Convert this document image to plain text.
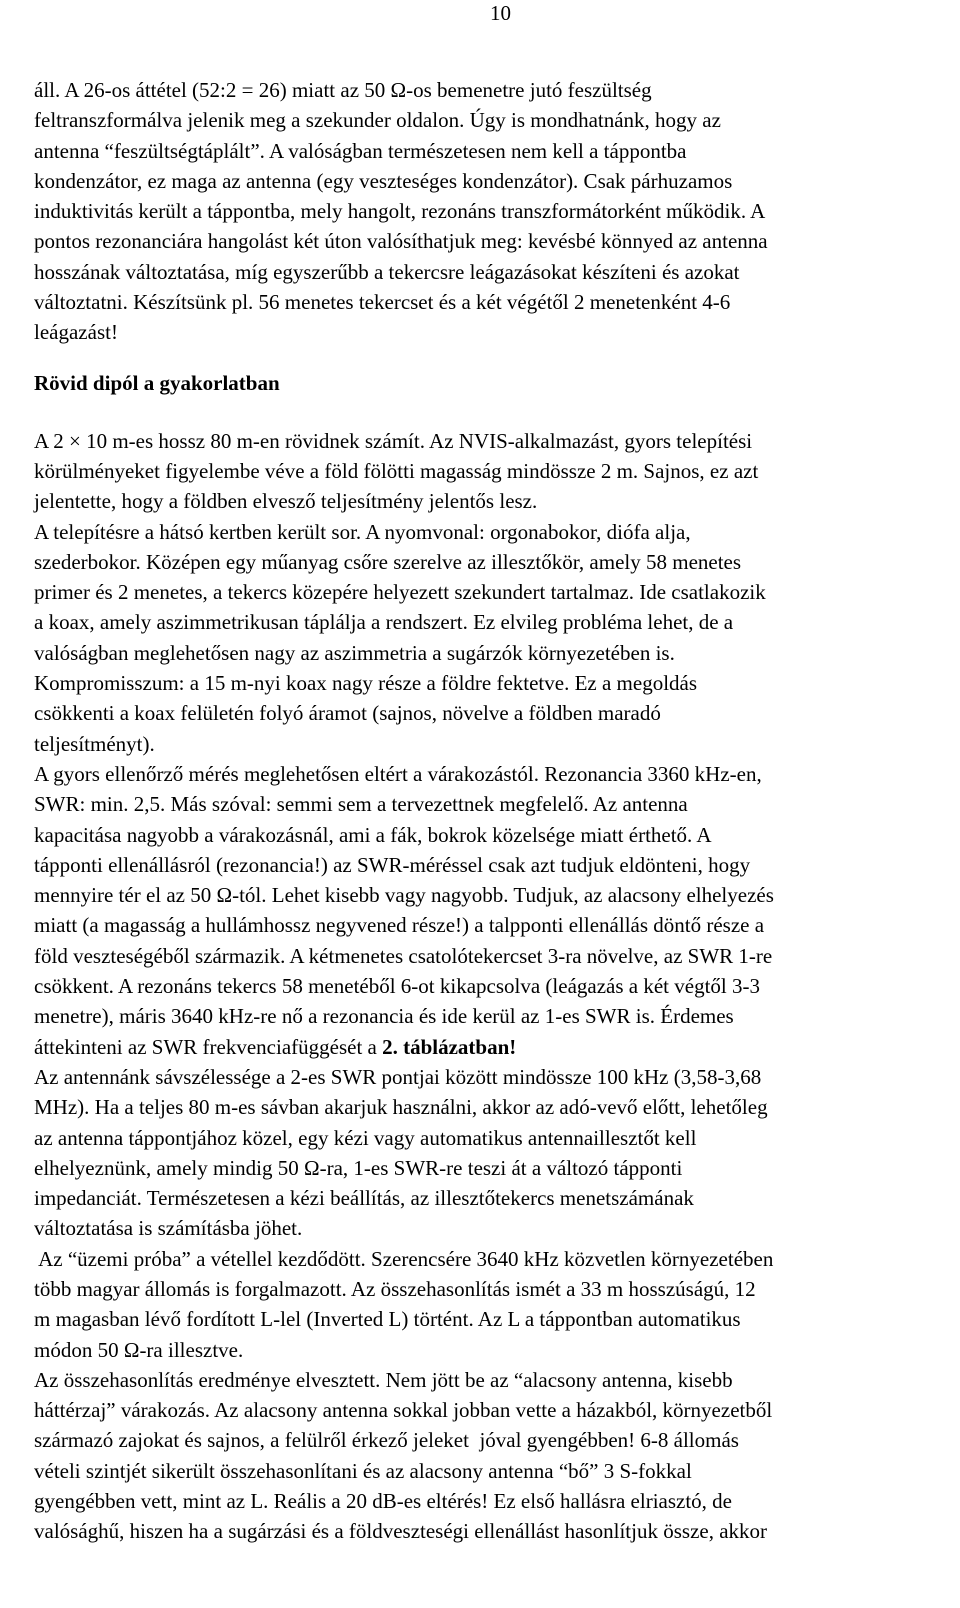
10

áll. A 26-os áttétel (52:2 = 26) miatt az 50 Ω-os bemenetre jutó feszültség
feltranszformálva jelenik meg a szekunder oldalon. Úgy is mondhatnánk, hogy az
antenna “feszültségtáplált”. A valóságban természetesen nem kell a táppontba
kondenzátor, ez maga az antenna (egy veszteséges kondenzátor). Csak párhuzamos
induktivitás került a táppontba, mely hangolt, rezonáns transzformátorként működik. A
pontos rezonanciára hangolást két úton valósíthatjuk meg: kevésbé könnyed az antenna
hosszának változtatása, míg egyszerűbb a tekercsre leágazásokat készíteni és azokat
változtatni. Készítsünk pl. 56 menetes tekercset és a két végétől 2 menetenként 4-6
leágazást!

Rövid dipól a gyakorlatban

A 2 × 10 m-es hossz 80 m-en rövidnek számít. Az NVIS-alkalmazást, gyors telepítési
körülményeket figyelembe véve a föld fölötti magasság mindössze 2 m. Sajnos, ez azt
jelentette, hogy a földben elvesző teljesítmény jelentős lesz.
A telepítésre a hátsó kertben került sor. A nyomvonal: orgonabokor, diófa alja,
szederbokor. Középen egy műanyag csőre szerelve az illesztőkör, amely 58 menetes
primer és 2 menetes, a tekercs közepére helyezett szekundert tartalmaz. Ide csatlakozik
a koax, amely aszimmetrikusan táplálja a rendszert. Ez elvileg probléma lehet, de a
valóságban meglehetősen nagy az aszimmetria a sugárzók környezetében is.
Kompromisszum: a 15 m-nyi koax nagy része a földre fektetve. Ez a megoldás
csökkenti a koax felületén folyó áramot (sajnos, növelve a földben maradó
teljesítményt).
A gyors ellenőrző mérés meglehetősen eltért a várakozástól. Rezonancia 3360 kHz-en,
SWR: min. 2,5. Más szóval: semmi sem a tervezettnek megfelelő. Az antenna
kapacitása nagyobb a várakozásnál, ami a fák, bokrok közelsége miatt érthető. A
tápponti ellenállásról (rezonancia!) az SWR-méréssel csak azt tudjuk eldönteni, hogy
mennyire tér el az 50 Ω-tól. Lehet kisebb vagy nagyobb. Tudjuk, az alacsony elhelyezés
miatt (a magasság a hullámhossz negyvened része!) a talpponti ellenállás döntő része a
föld veszteségéből származik. A kétmenetes csatolótekercset 3-ra növelve, az SWR 1-re
csökkent. A rezonáns tekercs 58 menetéből 6-ot kikapcsolva (leágazás a két végtől 3-3
menetre), máris 3640 kHz-re nő a rezonancia és ide kerül az 1-es SWR is. Érdemes
áttekinteni az SWR frekvenciafüggését a 2. táblázatban!
Az antennánk sávszélessége a 2-es SWR pontjai között mindössze 100 kHz (3,58-3,68
MHz). Ha a teljes 80 m-es sávban akarjuk használni, akkor az adó-vevő előtt, lehetőleg
az antenna táppontjához közel, egy kézi vagy automatikus antennaillesztőt kell
elhelyeznünk, amely mindig 50 Ω-ra, 1-es SWR-re teszi át a változó tápponti
impedanciát. Természetesen a kézi beállítás, az illesztőtekercs menetszámának
változtatása is számításba jöhet.
Az “üzemi próba” a vétellel kezdődött. Szerencsére 3640 kHz közvetlen környezetében
több magyar állomás is forgalmazott. Az összehasonlítás ismét a 33 m hosszúságú, 12
m magasban lévő fordított L-lel (Inverted L) történt. Az L a táppontban automatikus
módon 50 Ω-ra illesztve.
Az összehasonlítás eredménye elvesztett. Nem jött be az “alacsony antenna, kisebb
háttérzaj” várakozás. Az alacsony antenna sokkal jobban vette a házakból, környezetből
származó zajokat és sajnos, a felülről érkező jeleket  jóval gyengébben! 6-8 állomás
vételi szintjét sikerült összehasonlítani és az alacsony antenna “bő” 3 S-fokkal
gyengébben vett, mint az L. Reális a 20 dB-es eltérés! Ez első hallásra elriasztó, de
valósághű, hiszen ha a sugárzási és a földveszteségi ellenállást hasonlítjuk össze, akkor
